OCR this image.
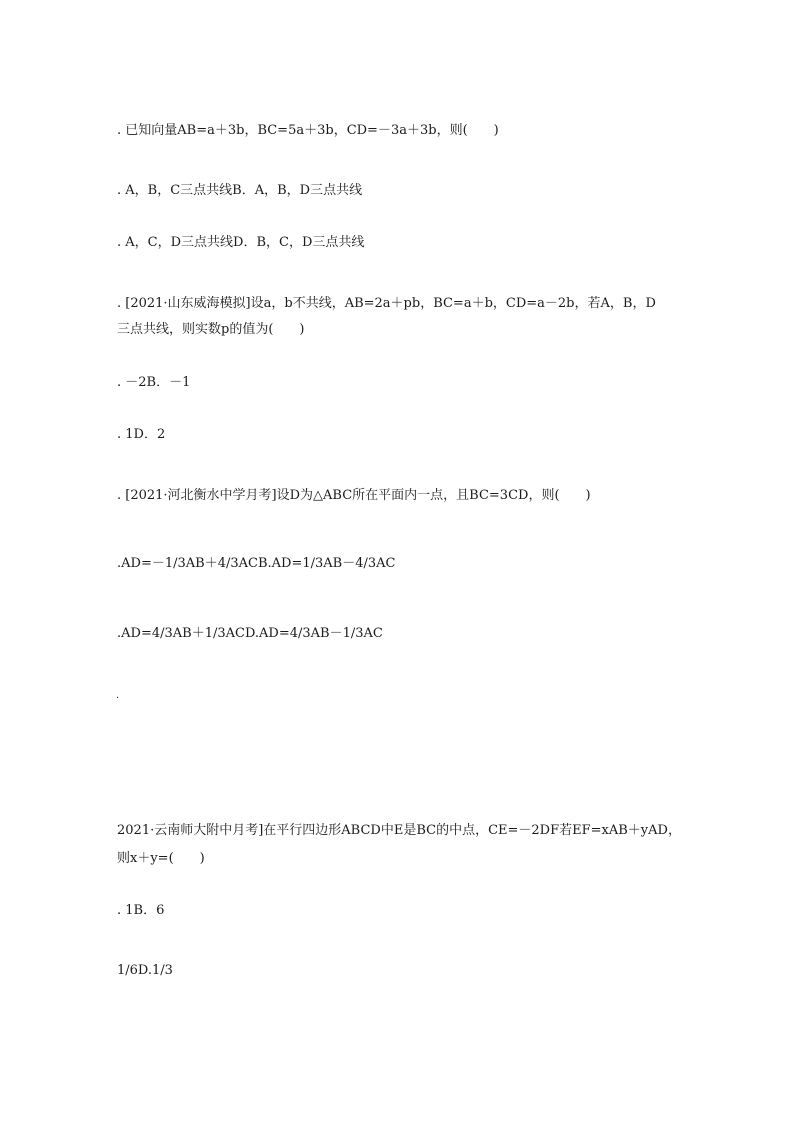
. 已知向量AB=a＋3b，BC=5a＋3b，CD=－3a＋3b，则(　　)
. A，B，C三点共线B．A，B，D三点共线
. A，C，D三点共线D．B，C，D三点共线
. [2021·山东威海模拟]设a，b不共线，AB=2a＋pb，BC=a＋b，CD=a－2b，若A，B，D
三点共线，则实数p的值为(　　)
. －2B．－1
. 1D．2
. [2021·河北衡水中学月考]设D为△ABC所在平面内一点，且BC=3CD，则(　　)
.AD=－1/3AB＋4/3ACB.AD=1/3AB－4/3AC
.AD=4/3AB＋1/3ACD.AD=4/3AB－1/3AC
.
2021·云南师大附中月考]在平行四边形ABCD中E是BC的中点，CE=－2DF若EF=xAB＋yAD，
则x＋y=(　　)
. 1B．6
1/6D.1/3
